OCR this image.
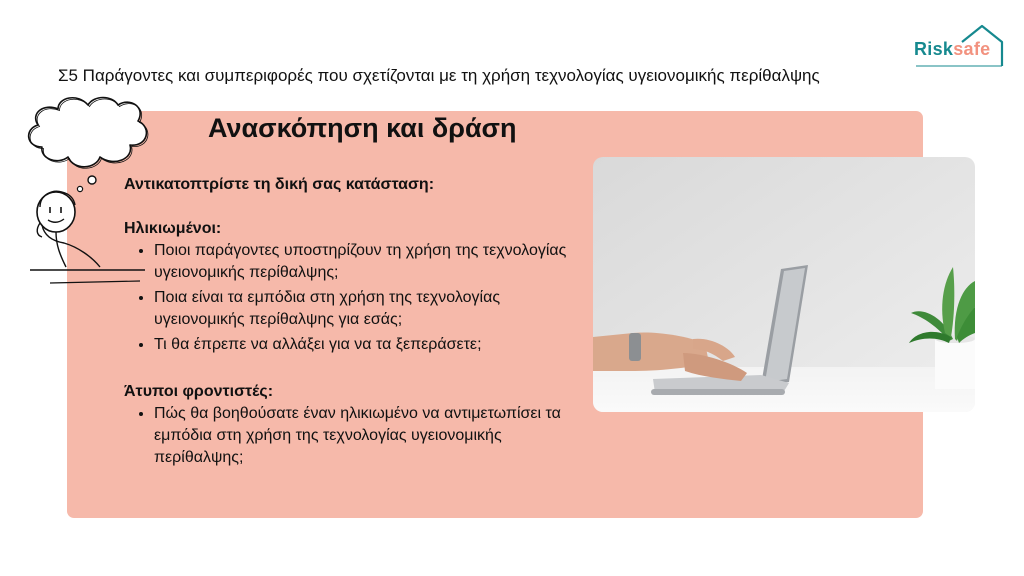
Σ5 Παράγοντες και συμπεριφορές που σχετίζονται με τη χρήση τεχνολογίας υγειονομικής περίθαλψης
Risksafe
Ανασκόπηση και δράση

Αντικατοπτρίστε τη δική σας κατάσταση:

Ηλικιωμένοι:

• Ποιοι παράγοντες υποστηρίζουν τη χρήση της τεχνολογίας υγειονομικής περίθαλψης;
• Ποια είναι τα εμπόδια στη χρήση της τεχνολογίας υγειονομικής περίθαλψης για εσάς;
• Τι θα έπρεπε να αλλάξει για να τα ξεπεράσετε;

Άτυποι φροντιστές:

• Πώς θα βοηθούσατε έναν ηλικιωμένο να αντιμετωπίσει τα εμπόδια στη χρήση της τεχνολογίας υγειονομικής περίθαλψης;
